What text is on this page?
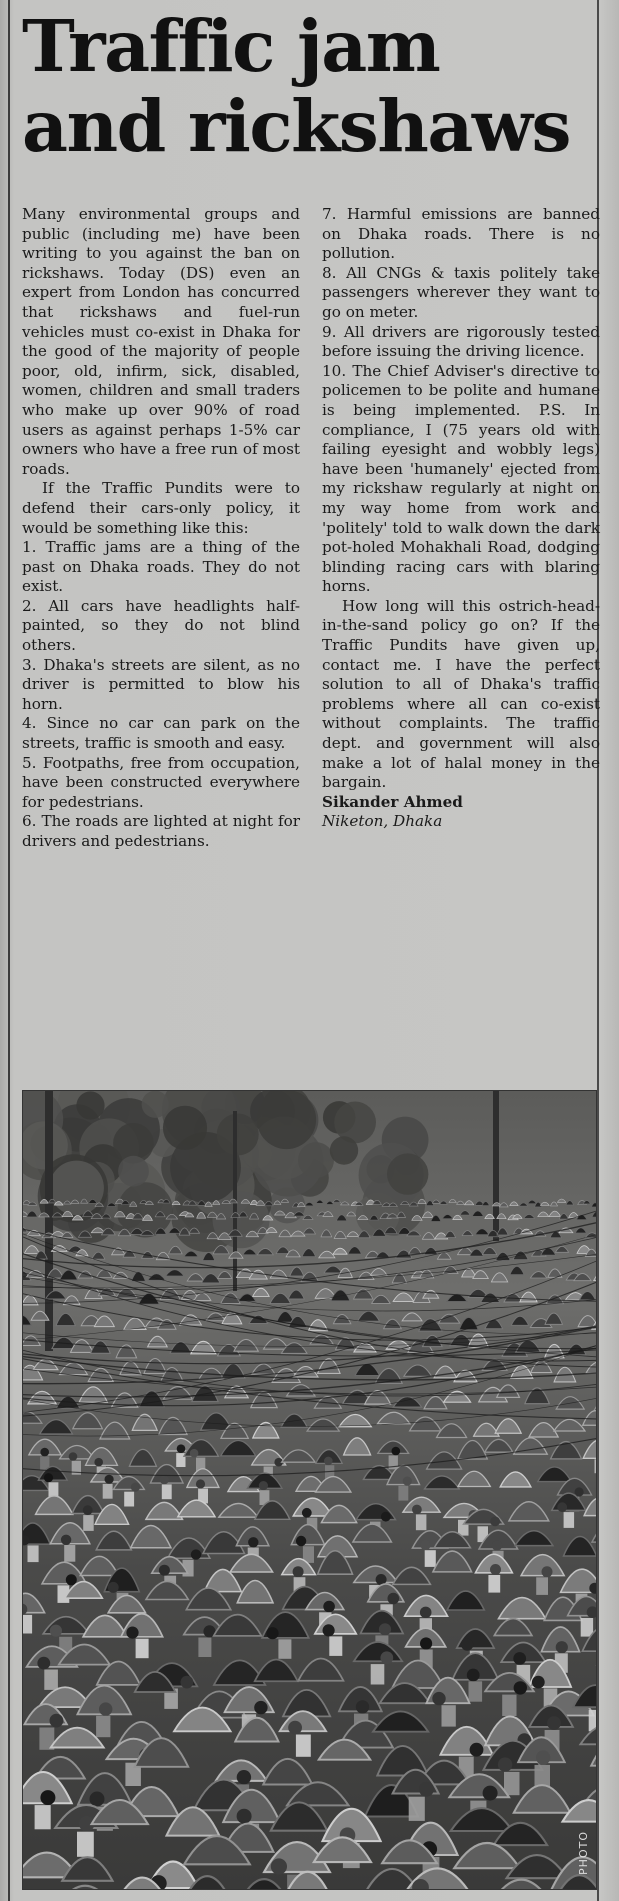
Traffic jam and rickshaws

Many environmental groups and public (including me) have been writing to you against the ban on rickshaws. Today (DS) even an expert from London has concurred that rickshaws and fuel-run vehicles must co-exist in Dhaka for the good of the majority of people poor, old, infirm, sick, disabled, women, children and small traders who make up over 90% of road users as against perhaps 1-5% car owners who have a free run of most roads.

If the Traffic Pundits were to defend their cars-only policy, it would be something like this:

1. Traffic jams are a thing of the past on Dhaka roads. They do not exist.

2. All cars have headlights half-painted, so they do not blind others.

3. Dhaka's streets are silent, as no driver is permitted to blow his horn.

4. Since no car can park on the streets, traffic is smooth and easy.

5. Footpaths, free from occupation, have been constructed everywhere for pedestrians.

6. The roads are lighted at night for drivers and pedestrians.

7. Harmful emissions are banned on Dhaka roads. There is no pollution.

8. All CNGs & taxis politely take passengers wherever they want to go on meter.

9. All drivers are rigorously tested before issuing the driving licence.

10. The Chief Adviser's directive to policemen to be polite and humane is being implemented. P.S. In compliance, I (75 years old with failing eyesight and wobbly legs) have been 'humanely' ejected from my rickshaw regularly at night on my way home from work and 'politely' told to walk down the dark pot-holed Mohakhali Road, dodging blinding racing cars with blaring horns.

How long will this ostrich-head-in-the-sand policy go on? If the Traffic Pundits have given up, contact me. I have the perfect solution to all of Dhaka's traffic problems where all can co-exist without complaints. The traffic dept. and government will also make a lot of halal money in the bargain.

Sikander Ahmed

Niketon, Dhaka

PHOTO
